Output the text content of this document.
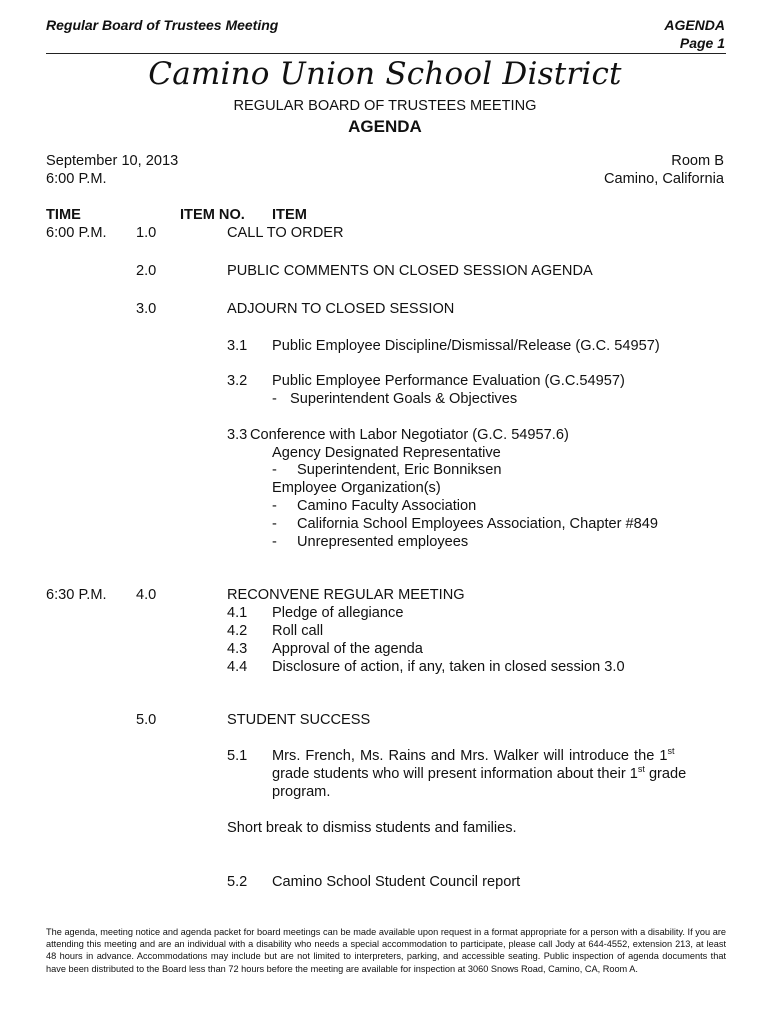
Regular Board of Trustees Meeting	AGENDA
Page 1
Camino Union School District
REGULAR BOARD OF TRUSTEES MEETING
AGENDA
September 10, 2013
6:00 P.M.
Room B
Camino, California
TIME	ITEM NO. ITEM
6:00 P.M. 1.0	CALL TO ORDER
2.0	PUBLIC COMMENTS ON CLOSED SESSION AGENDA
3.0	ADJOURN TO CLOSED SESSION
3.1 Public Employee Discipline/Dismissal/Release (G.C. 54957)
3.2 Public Employee Performance Evaluation (G.C.54957)
- Superintendent Goals & Objectives
3.3 Conference with Labor Negotiator (G.C. 54957.6)
Agency Designated Representative
- Superintendent, Eric Bonniksen
Employee Organization(s)
- Camino Faculty Association
- California School Employees Association, Chapter #849
- Unrepresented employees
6:30 P.M. 4.0	RECONVENE REGULAR MEETING
4.1 Pledge of allegiance
4.2 Roll call
4.3 Approval of the agenda
4.4 Disclosure of action, if any, taken in closed session 3.0
5.0	STUDENT SUCCESS
5.1 Mrs. French, Ms. Rains and Mrs. Walker will introduce the 1st
grade students who will present information about their 1st grade
program.
Short break to dismiss students and families.
5.2 Camino School Student Council report
The agenda, meeting notice and agenda packet for board meetings can be made available upon request in a format appropriate for a person with a disability. If you are attending this meeting and are an individual with a disability who needs a special accommodation to participate, please call Jody at 644-4552, extension 213, at least 48 hours in advance. Accommodations may include but are not limited to interpreters, parking, and accessible seating. Public inspection of agenda documents that have been distributed to the Board less than 72 hours before the meeting are available for inspection at 3060 Snows Road, Camino, CA, Room A.
